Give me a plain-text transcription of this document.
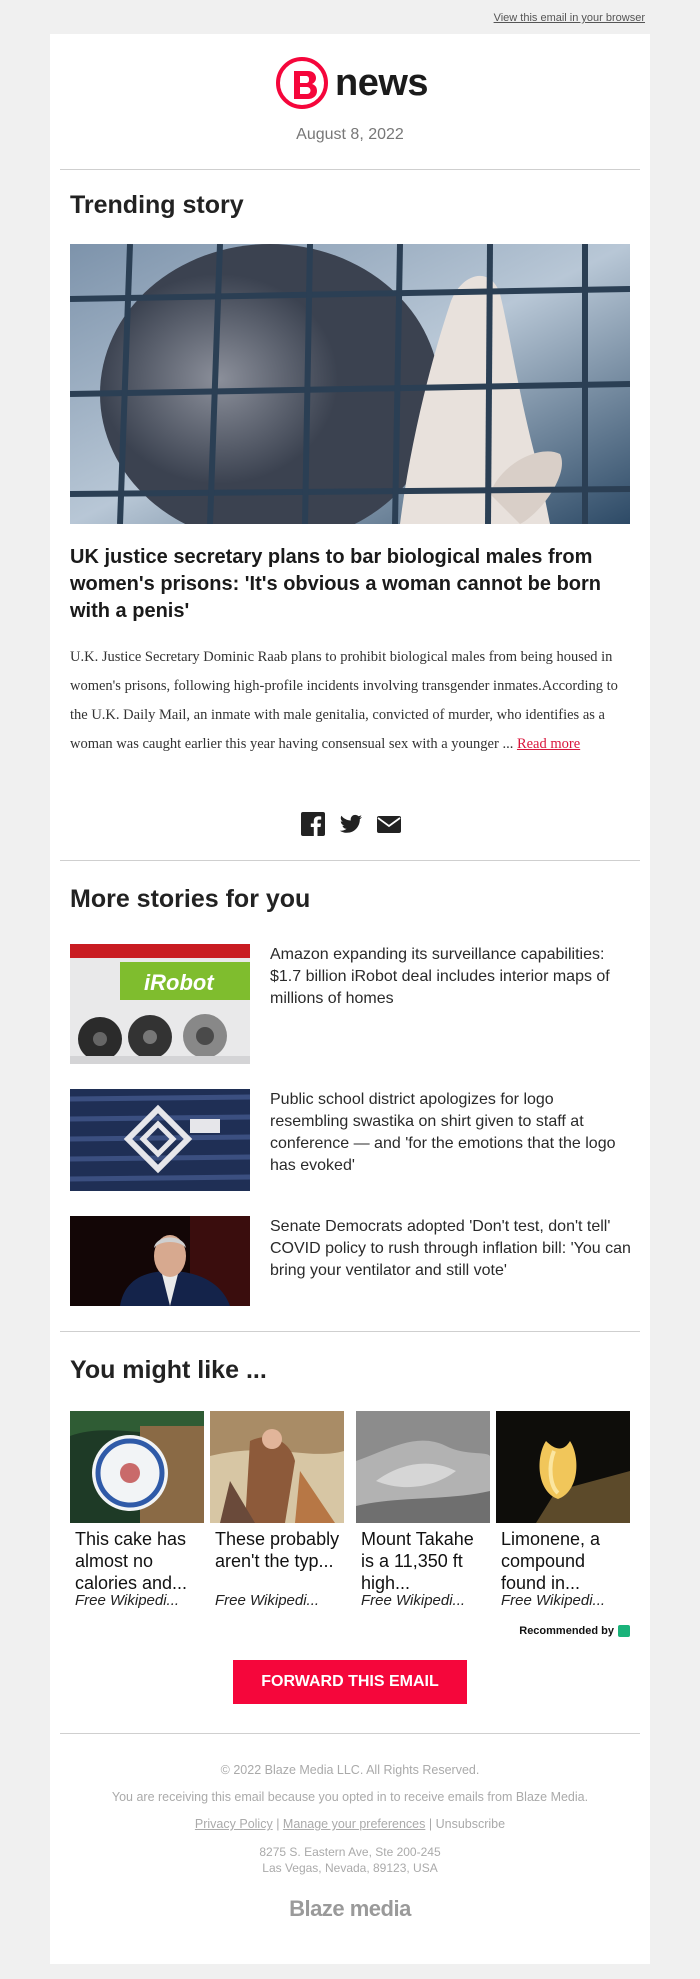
View this email in your browser
news
August 8, 2022
Trending story
UK justice secretary plans to bar biological males from women's prisons: 'It's obvious a woman cannot be born with a penis'
U.K. Justice Secretary Dominic Raab plans to prohibit biological males from being housed in women's prisons, following high-profile incidents involving transgender inmates.According to the U.K. Daily Mail, an inmate with male genitalia, convicted of murder, who identifies as a woman was caught earlier this year having consensual sex with a younger ... Read more
More stories for you
iRobot
Amazon expanding its surveillance capabilities: $1.7 billion iRobot deal includes interior maps of millions of homes
Public school district apologizes for logo resembling swastika on shirt given to staff at conference — and 'for the emotions that the logo has evoked'
Senate Democrats adopted 'Don't test, don't tell' COVID policy to rush through inflation bill: 'You can bring your ventilator and still vote'
You might like ...
This cake has almost no calories and...
These probably aren't the typ...
Mount Takahe is a 11,350 ft high...
Limonene, a compound found in...
Free Wikipedi...	Free Wikipedi...	Free Wikipedi...	Free Wikipedi...
Recommended by
FORWARD THIS EMAIL
© 2022 Blaze Media LLC. All Rights Reserved.
You are receiving this email because you opted in to receive emails from Blaze Media.
Privacy Policy | Manage your preferences | Unsubscribe
8275 S. Eastern Ave, Ste 200-245
Las Vegas, Nevada, 89123, USA
Blaze media
